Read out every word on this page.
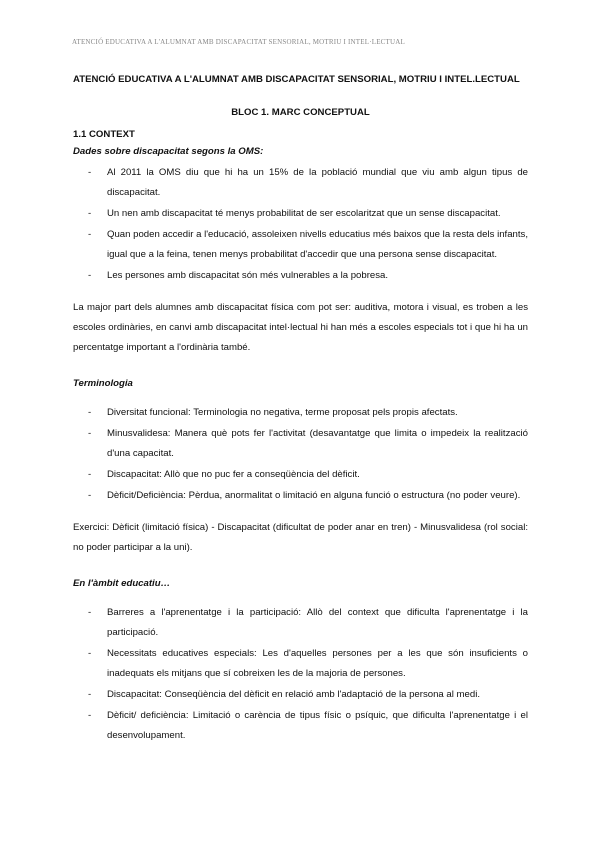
ATENCIÓ EDUCATIVA A L'ALUMNAT AMB DISCAPACITAT SENSORIAL, MOTRIU I INTEL·LECTUAL

ATENCIÓ EDUCATIVA A L'ALUMNAT AMB DISCAPACITAT SENSORIAL, MOTRIU I INTEL.LECTUAL

BLOC 1. MARC CONCEPTUAL

1.1 CONTEXT

Dades sobre discapacitat segons la OMS:

- Al 2011 la OMS diu que hi ha un 15% de la població mundial que viu amb algun tipus de discapacitat.
- Un nen amb discapacitat té menys probabilitat de ser escolaritzat que un sense discapacitat.
- Quan poden accedir a l'educació, assoleixen nivells educatius més baixos que la resta dels infants, igual que a la feina, tenen menys probabilitat d'accedir que una persona sense discapacitat.
- Les persones amb discapacitat són més vulnerables a la pobresa.

La major part dels alumnes amb discapacitat física com pot ser: auditiva, motora i visual, es troben a les escoles ordinàries, en canvi amb discapacitat intel·lectual hi han més a escoles especials tot i que hi ha un percentatge important a l'ordinària també.

Terminologia

- Diversitat funcional: Terminologia no negativa, terme proposat pels propis afectats.
- Minusvalidesa: Manera què pots fer l'activitat (desavantatge que limita o impedeix la realització d'una capacitat.
- Discapacitat: Allò que no puc fer a conseqüència del dèficit.
- Dèficit/Deficiència: Pèrdua, anormalitat o limitació en alguna funció o estructura (no poder veure).

Exercici: Dèficit (limitació física) - Discapacitat (dificultat de poder anar en tren) - Minusvalidesa (rol social: no poder participar a la uni).

En l'àmbit educatiu…

- Barreres a l'aprenentatge i la participació: Allò del context que dificulta l'aprenentatge i la participació.
- Necessitats educatives especials: Les d'aquelles persones per a les que són insuficients o inadequats els mitjans que sí cobreixen les de la majoria de persones.
- Discapacitat: Conseqüència del dèficit en relació amb l'adaptació de la persona al medi.
- Dèficit/ deficiència: Limitació o carència de tipus físic o psíquic, que dificulta l'aprenentatge i el desenvolupament.
